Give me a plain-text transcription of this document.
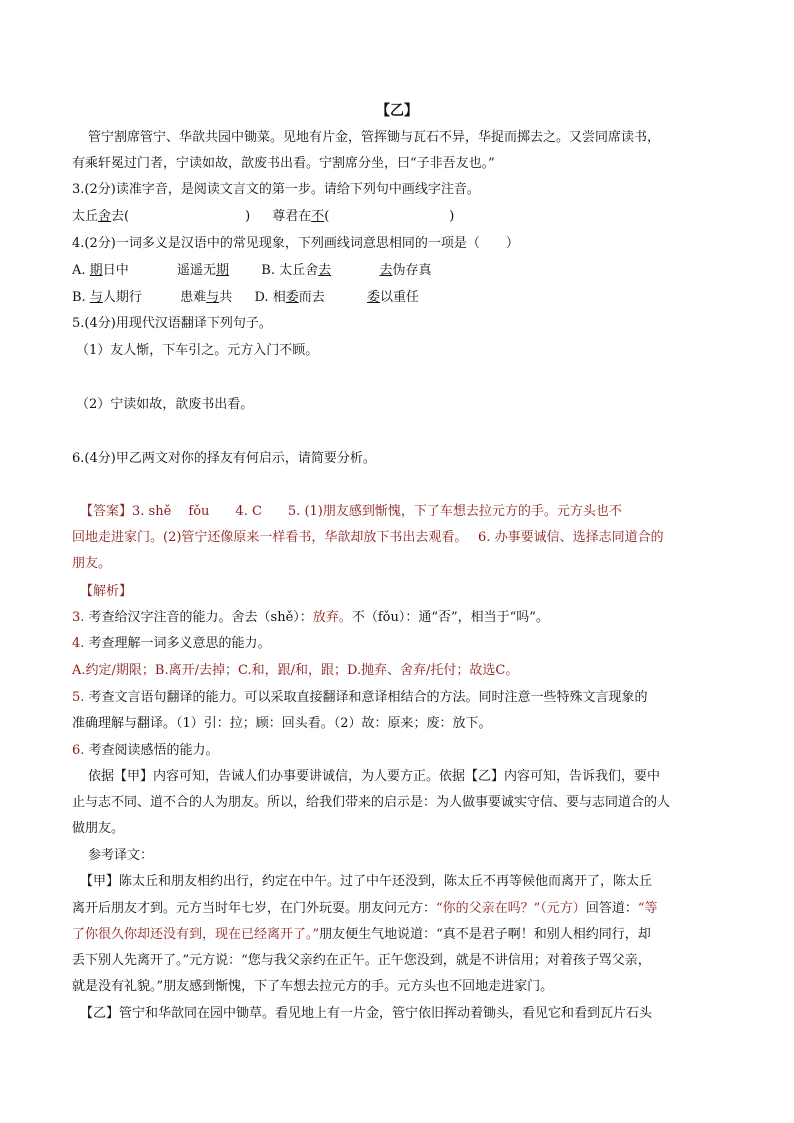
【乙】
管宁割席管宁、华歆共园中锄菜。见地有片金，管挥锄与瓦石不异，华捉而掷去之。又尝同席读书，
有乘轩冕过门者，宁读如故，歆废书出看。宁割席分坐，曰“子非吾友也。”
3.(2分)读准字音，是阅读文言文的第一步。请给下列句中画线字注音。
太丘舍去(	) 尊君在不(	)
4.(2分)一词多义是汉语中的常见现象，下列画线词意思相同的一项是（　　）
A. 期日中	遥遥无期 B. 太丘舍去	去伪存真
B. 与人期行	患难与共 D. 相委而去	委以重任
5.(4分)用现代汉语翻译下列句子。
（1）友人惭，下车引之。元方入门不顾。
（2）宁读如故，歆废书出看。
6.(4分)甲乙两文对你的择友有何启示，请简要分析。
【答案】3. shě　 fǒu　　4. C　　5. (1)朋友感到惭愧，下了车想去拉元方的手。元方头也不
回地走进家门。(2)管宁还像原来一样看书，华歆却放下书出去观看。　 6. 办事要诚信、选择志同道合的
朋友。
【解析】
3. 考查给汉字注音的能力。舍去（shě）：放弃。不（fǒu）：通“否”，相当于“吗”。
4. 考查理解一词多义意思的能力。
A.约定/期限；B.离开/去掉；C.和，跟/和，跟；D.抛弃、舍弃/托付；故选C。
5. 考查文言语句翻译的能力。可以采取直接翻译和意译相结合的方法。同时注意一些特殊文言现象的
准确理解与翻译。（1）引：拉；顾：回头看。（2）故：原来；废：放下。
6. 考查阅读感悟的能力。
依据【甲】内容可知，告诫人们办事要讲诚信，为人要方正。依据【乙】内容可知，告诉我们，要中
止与志不同、道不合的人为朋友。所以，给我们带来的启示是：为人做事要诚实守信、要与志同道合的人
做朋友。
参考译文：
【甲】陈太丘和朋友相约出行，约定在中午。过了中午还没到，陈太丘不再等候他而离开了，陈太丘
离开后朋友才到。元方当时年七岁，在门外玩耍。朋友问元方：“你的父亲在吗？”（元方）回答道：“等
了你很久你却还没有到，现在已经离开了。”朋友便生气地说道：“真不是君子啊！和别人相约同行，却
丢下别人先离开了。”元方说：“您与我父亲约在正午。正午您没到，就是不讲信用；对着孩子骂父亲，
就是没有礼貌。”朋友感到惭愧，下了车想去拉元方的手。元方头也不回地走进家门。
【乙】管宁和华歆同在园中锄草。看见地上有一片金，管宁依旧挥动着锄头，看见它和看到瓦片石头
